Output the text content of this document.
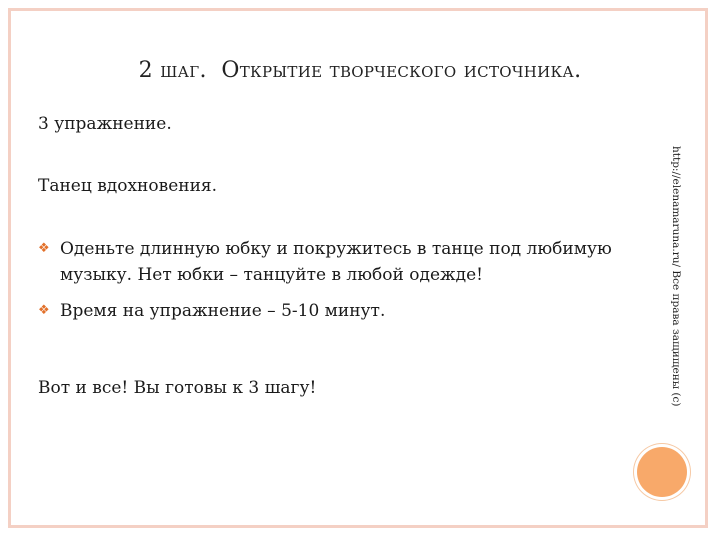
2 шаг. Открытие творческого источника.
3 упражнение.
Танец вдохновения.
❖ Оденьте длинную юбку и покружитесь в танце под любимую музыку. Нет юбки – танцуйте в любой одежде!
❖ Время на упражнение – 5-10 минут.
Вот и все! Вы готовы к 3 шагу!	http://elenamaruna.ru/ Все права защищены (c)
